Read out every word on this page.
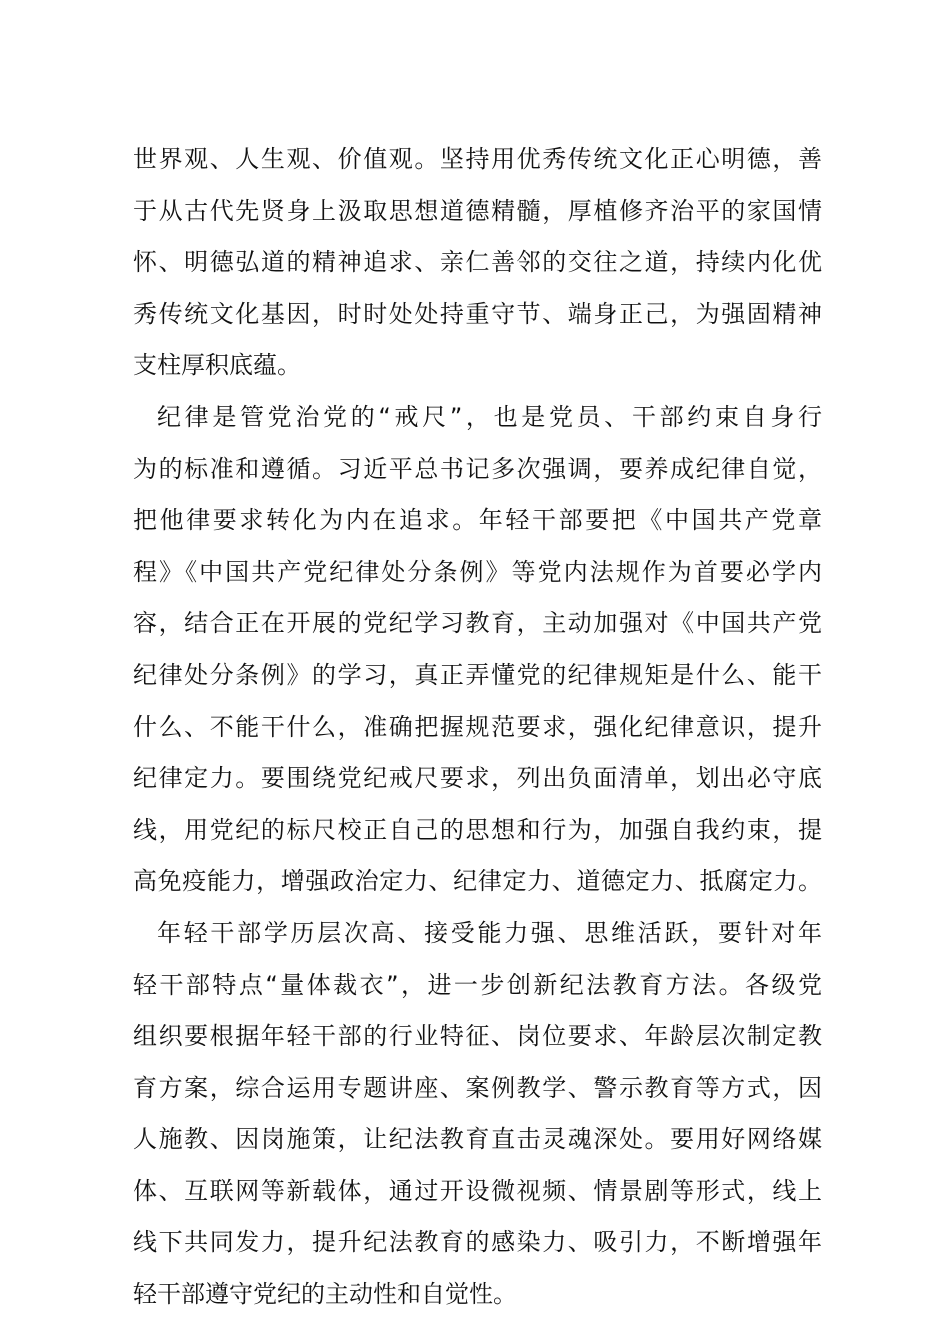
世界观、人生观、价值观。坚持用优秀传统文化正心明德，善
于从古代先贤身上汲取思想道德精髓，厚植修齐治平的家国情
怀、明德弘道的精神追求、亲仁善邻的交往之道，持续内化优
秀传统文化基因，时时处处持重守节、端身正己，为强固精神
支柱厚积底蕴。
纪律是管党治党的“戒尺”，也是党员、干部约束自身行
为的标准和遵循。习近平总书记多次强调，要养成纪律自觉，
把他律要求转化为内在追求。年轻干部要把《中国共产党章
程》《中国共产党纪律处分条例》等党内法规作为首要必学内
容，结合正在开展的党纪学习教育，主动加强对《中国共产党
纪律处分条例》的学习，真正弄懂党的纪律规矩是什么、能干
什么、不能干什么，准确把握规范要求，强化纪律意识，提升
纪律定力。要围绕党纪戒尺要求，列出负面清单，划出必守底
线，用党纪的标尺校正自己的思想和行为，加强自我约束，提
高免疫能力，增强政治定力、纪律定力、道德定力、抵腐定力。
年轻干部学历层次高、接受能力强、思维活跃，要针对年
轻干部特点“量体裁衣”，进一步创新纪法教育方法。各级党
组织要根据年轻干部的行业特征、岗位要求、年龄层次制定教
育方案，综合运用专题讲座、案例教学、警示教育等方式，因
人施教、因岗施策，让纪法教育直击灵魂深处。要用好网络媒
体、互联网等新载体，通过开设微视频、情景剧等形式，线上
线下共同发力，提升纪法教育的感染力、吸引力，不断增强年
轻干部遵守党纪的主动性和自觉性。
